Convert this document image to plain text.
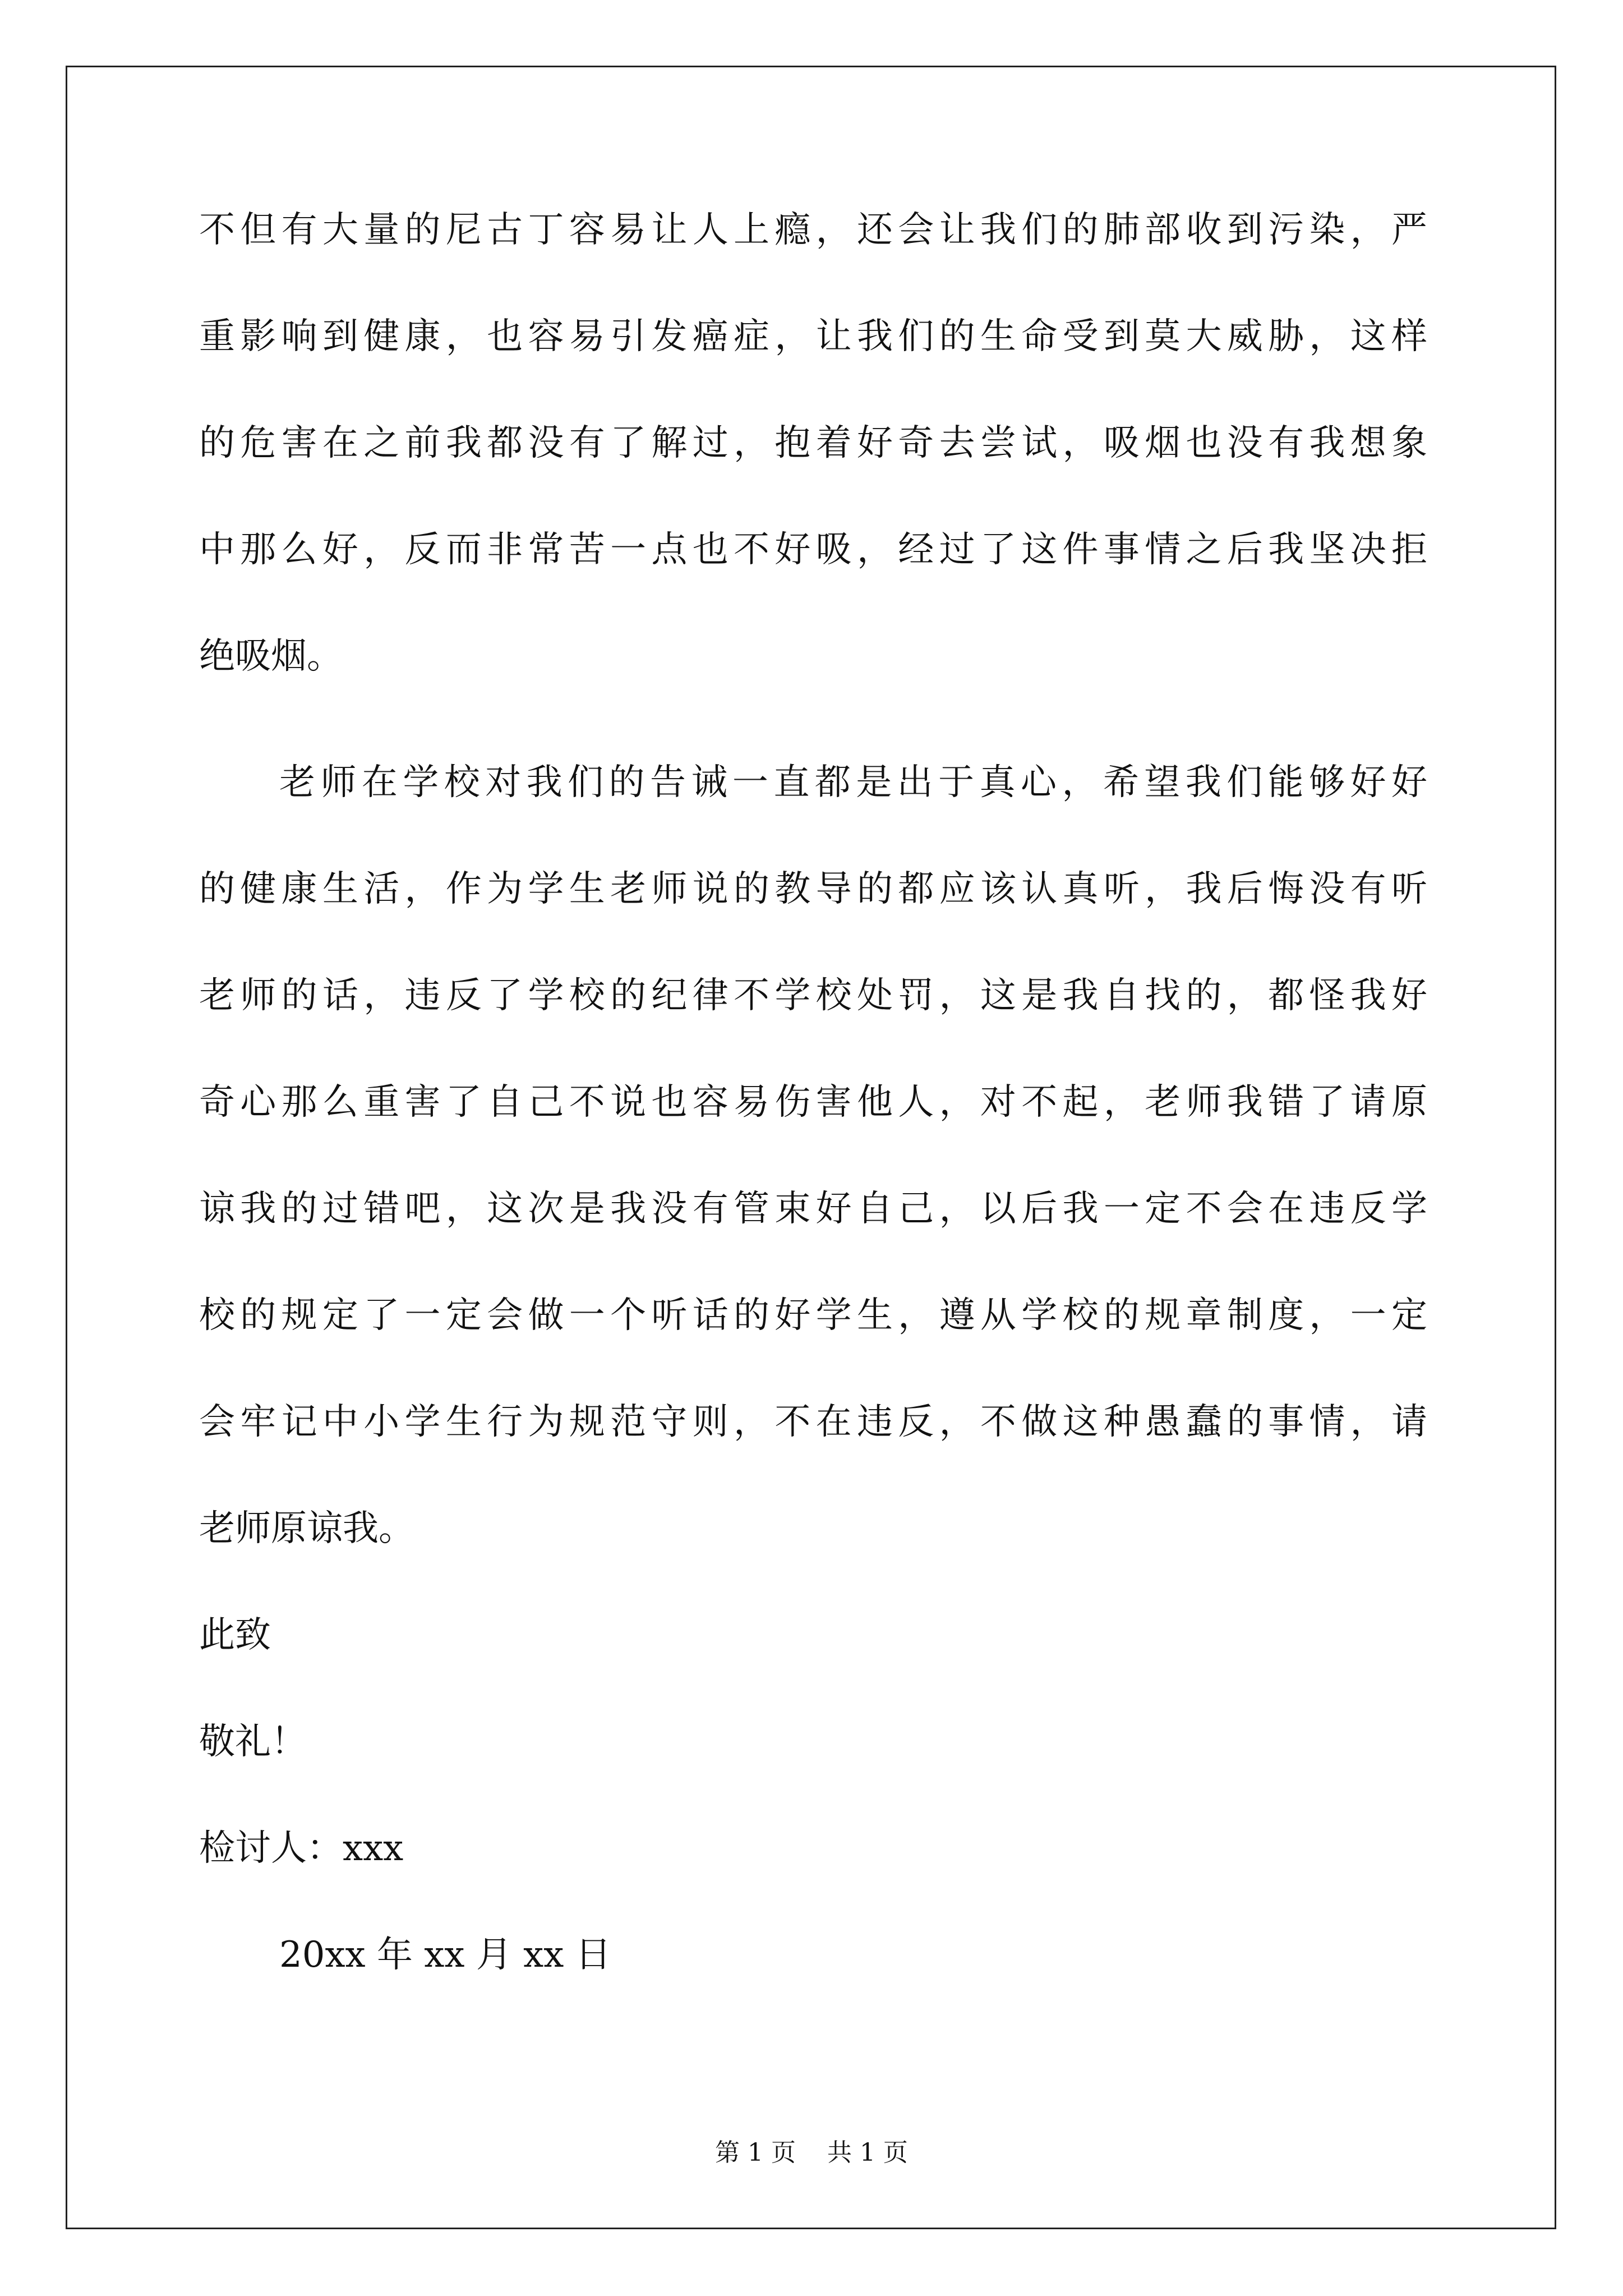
不但有大量的尼古丁容易让人上瘾，还会让我们的肺部收到污染，严
重影响到健康，也容易引发癌症，让我们的生命受到莫大威胁，这样
的危害在之前我都没有了解过，抱着好奇去尝试，吸烟也没有我想象
中那么好，反而非常苦一点也不好吸，经过了这件事情之后我坚决拒
绝吸烟。
老师在学校对我们的告诫一直都是出于真心，希望我们能够好好
的健康生活，作为学生老师说的教导的都应该认真听，我后悔没有听
老师的话，违反了学校的纪律不学校处罚，这是我自找的，都怪我好
奇心那么重害了自己不说也容易伤害他人，对不起，老师我错了请原
谅我的过错吧，这次是我没有管束好自己，以后我一定不会在违反学
校的规定了一定会做一个听话的好学生，遵从学校的规章制度，一定
会牢记中小学生行为规范守则，不在违反，不做这种愚蠢的事情，请
老师原谅我。
此致
敬礼！
检讨人：xxx
20xx 年 xx 月 xx 日
第 1 页    共 1 页
